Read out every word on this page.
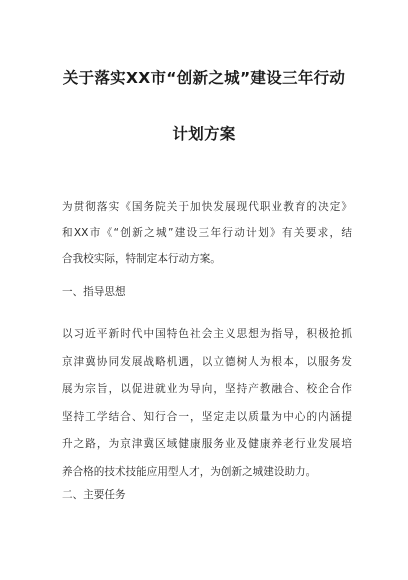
关于落实XX市“创新之城”建设三年行动
计划方案
为贯彻落实《国务院关于加快发展现代职业教育的决定》
和XX市《“创新之城”建设三年行动计划》有关要求，结
合我校实际，特制定本行动方案。
一、指导思想
以习近平新时代中国特色社会主义思想为指导，积极抢抓
京津冀协同发展战略机遇，以立德树人为根本，以服务发
展为宗旨，以促进就业为导向，坚持产教融合、校企合作
坚持工学结合、知行合一，坚定走以质量为中心的内涵提
升之路，为京津冀区域健康服务业及健康养老行业发展培
养合格的技术技能应用型人才，为创新之城建设助力。
二、主要任务
